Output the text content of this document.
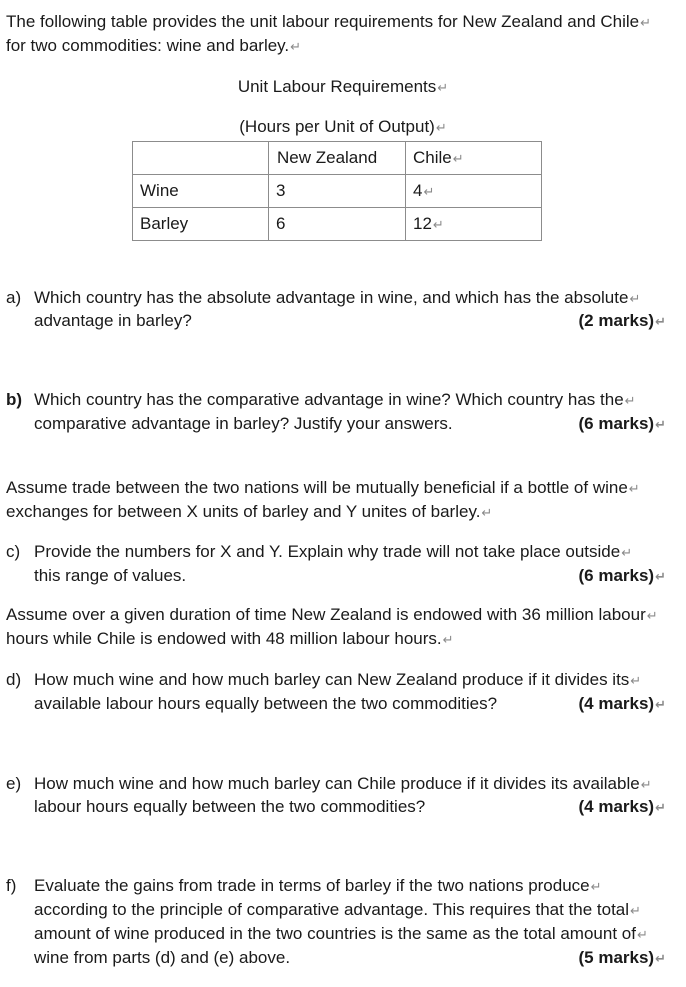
The following table provides the unit labour requirements for New Zealand and Chile↵
for two commodities: wine and barley.↵
Unit Labour Requirements↵
(Hours per Unit of Output)↵
	New Zealand	Chile↵
Wine	3	4↵
Barley	6	12↵
a) Which country has the absolute advantage in wine, and which has the absolute↵
advantage in barley?	(2 marks)↵
b) Which country has the comparative advantage in wine? Which country has the↵
comparative advantage in barley? Justify your answers.	(6 marks)↵
Assume trade between the two nations will be mutually beneficial if a bottle of wine↵
exchanges for between X units of barley and Y unites of barley.↵
c) Provide the numbers for X and Y. Explain why trade will not take place outside↵
this range of values.	(6 marks)↵
Assume over a given duration of time New Zealand is endowed with 36 million labour↵
hours while Chile is endowed with 48 million labour hours.↵
d) How much wine and how much barley can New Zealand produce if it divides its↵
available labour hours equally between the two commodities?	(4 marks)↵
e) How much wine and how much barley can Chile produce if it divides its available↵
labour hours equally between the two commodities?	(4 marks)↵
f) Evaluate the gains from trade in terms of barley if the two nations produce↵
according to the principle of comparative advantage. This requires that the total↵
amount of wine produced in the two countries is the same as the total amount of↵
wine from parts (d) and (e) above.	(5 marks)↵
